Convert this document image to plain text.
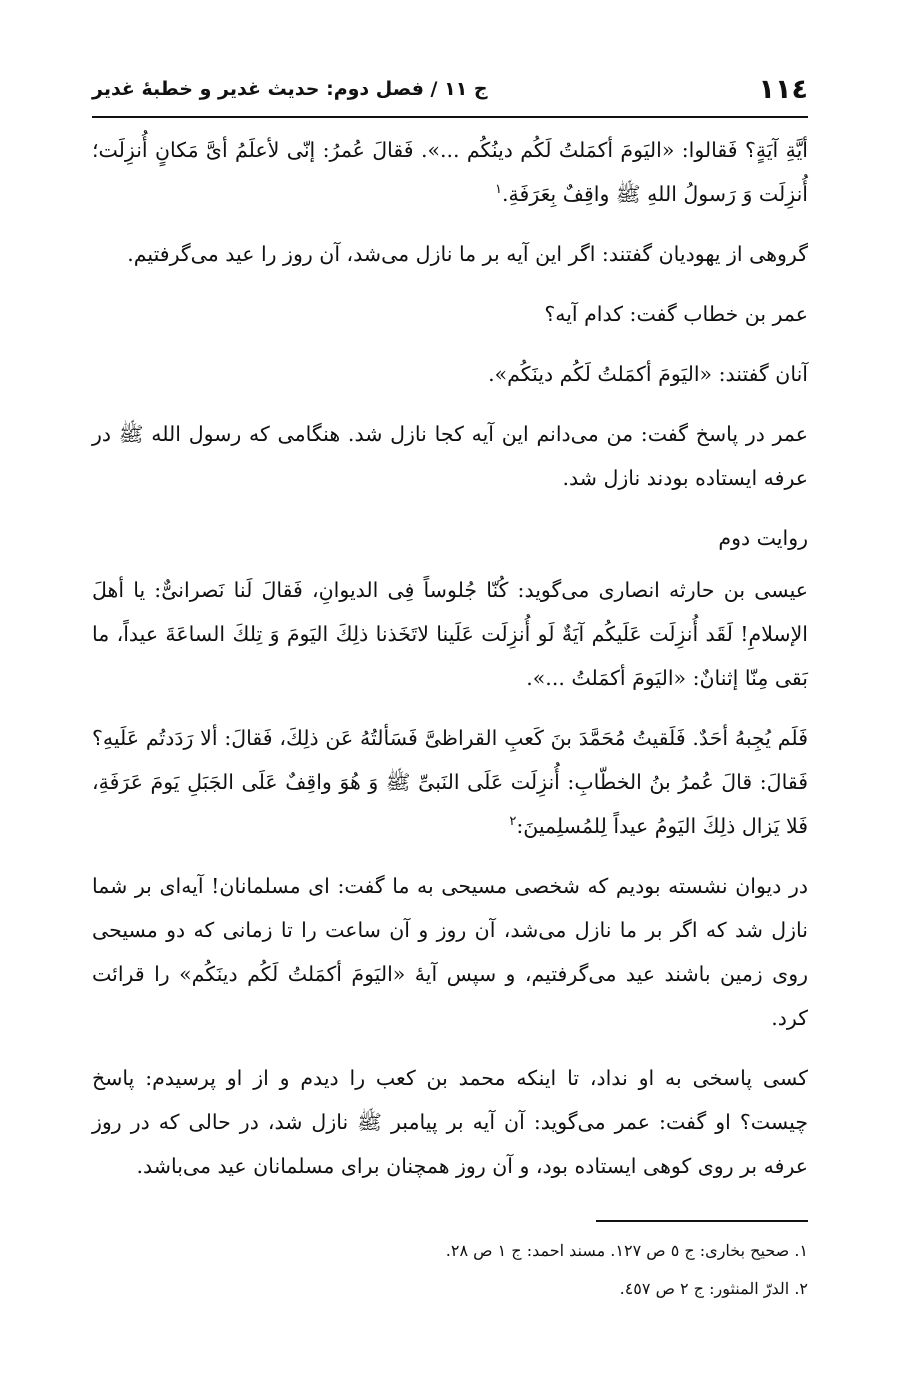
١١٤
ج ١١ / فصل دوم: حديث غدير و خطبهٔ غدير

أيَّةِ آيَةٍ؟ فَقالوا: «اليَومَ أكمَلتُ لَكُم دينُكُم ...». فَقالَ عُمرُ: إنّى لأعلَمُ أىَّ مَكانٍ أُنزِلَت؛ أُنزِلَت وَ رَسولُ اللهِ ﷺ واقِفٌ بِعَرَفَةِ.$^١$

گروهى از يهوديان گفتند: اگر اين آيه بر ما نازل مى‌شد، آن روز را عيد مى‌گرفتيم.

عمر بن خطاب گفت: كدام آيه؟

آنان گفتند: «اليَومَ أكمَلتُ لَكُم دينَكُم».

عمر در پاسخ گفت: من مى‌دانم اين آيه كجا نازل شد. هنگامى كه رسول الله ﷺ در عرفه ايستاده بودند نازل شد.

روايت دوم

عيسى بن حارثه انصارى مى‌گويد: كُنّا جُلوساً فِى الديوانِ، فَقالَ لَنا نَصرانىٌّ: يا أهلَ الإسلامِ! لَقَد أُنزِلَت عَلَيكُم آيَةٌ لَو أُنزِلَت عَلَينا لاتَخَذنا ذلِكَ اليَومَ وَ تِلكَ الساعَةَ عيداً، ما بَقى مِنّا إثنانٌ: «اليَومَ أكمَلتُ ...».

فَلَم يُجِبهُ أحَدٌ. فَلَقيتُ مُحَمَّدَ بنَ كَعبِ القراظىَّ فَسَألتُهُ عَن ذلِكَ، فَقالَ: ألا رَدَدتُم عَلَيهِ؟ فَقالَ: قالَ عُمرُ بنُ الخطّابِ: أُنزِلَت عَلَى النَبىِّ ﷺ وَ هُوَ واقِفٌ عَلَى الجَبَلِ يَومَ عَرَفَةِ، فَلا يَزال ذلِكَ اليَومُ عيداً لِلمُسلِمينَ:$^٢$

در ديوان نشسته بوديم كه شخصى مسيحى به ما گفت: اى مسلمانان! آيه‌اى بر شما نازل شد كه اگر بر ما نازل مى‌شد، آن روز و آن ساعت را تا زمانى كه دو مسيحى روى زمين باشند عيد مى‌گرفتيم، و سپس آيهٔ «اليَومَ أكمَلتُ لَكُم دينَكُم» را قرائت كرد.

كسى پاسخى به او نداد، تا اينكه محمد بن كعب را ديدم و از او پرسيدم: پاسخ چيست؟ او گفت: عمر مى‌گويد: آن آيه بر پيامبر ﷺ نازل شد، در حالى كه در روز عرفه بر روى كوهى ايستاده بود، و آن روز همچنان براى مسلمانان عيد مى‌باشد.

١. صحيح بخارى: ج ٥ ص ١٢٧. مسند احمد: ج ١ ص ٢٨.

٢. الدرّ المنثور: ج ٢ ص ٤٥٧.
